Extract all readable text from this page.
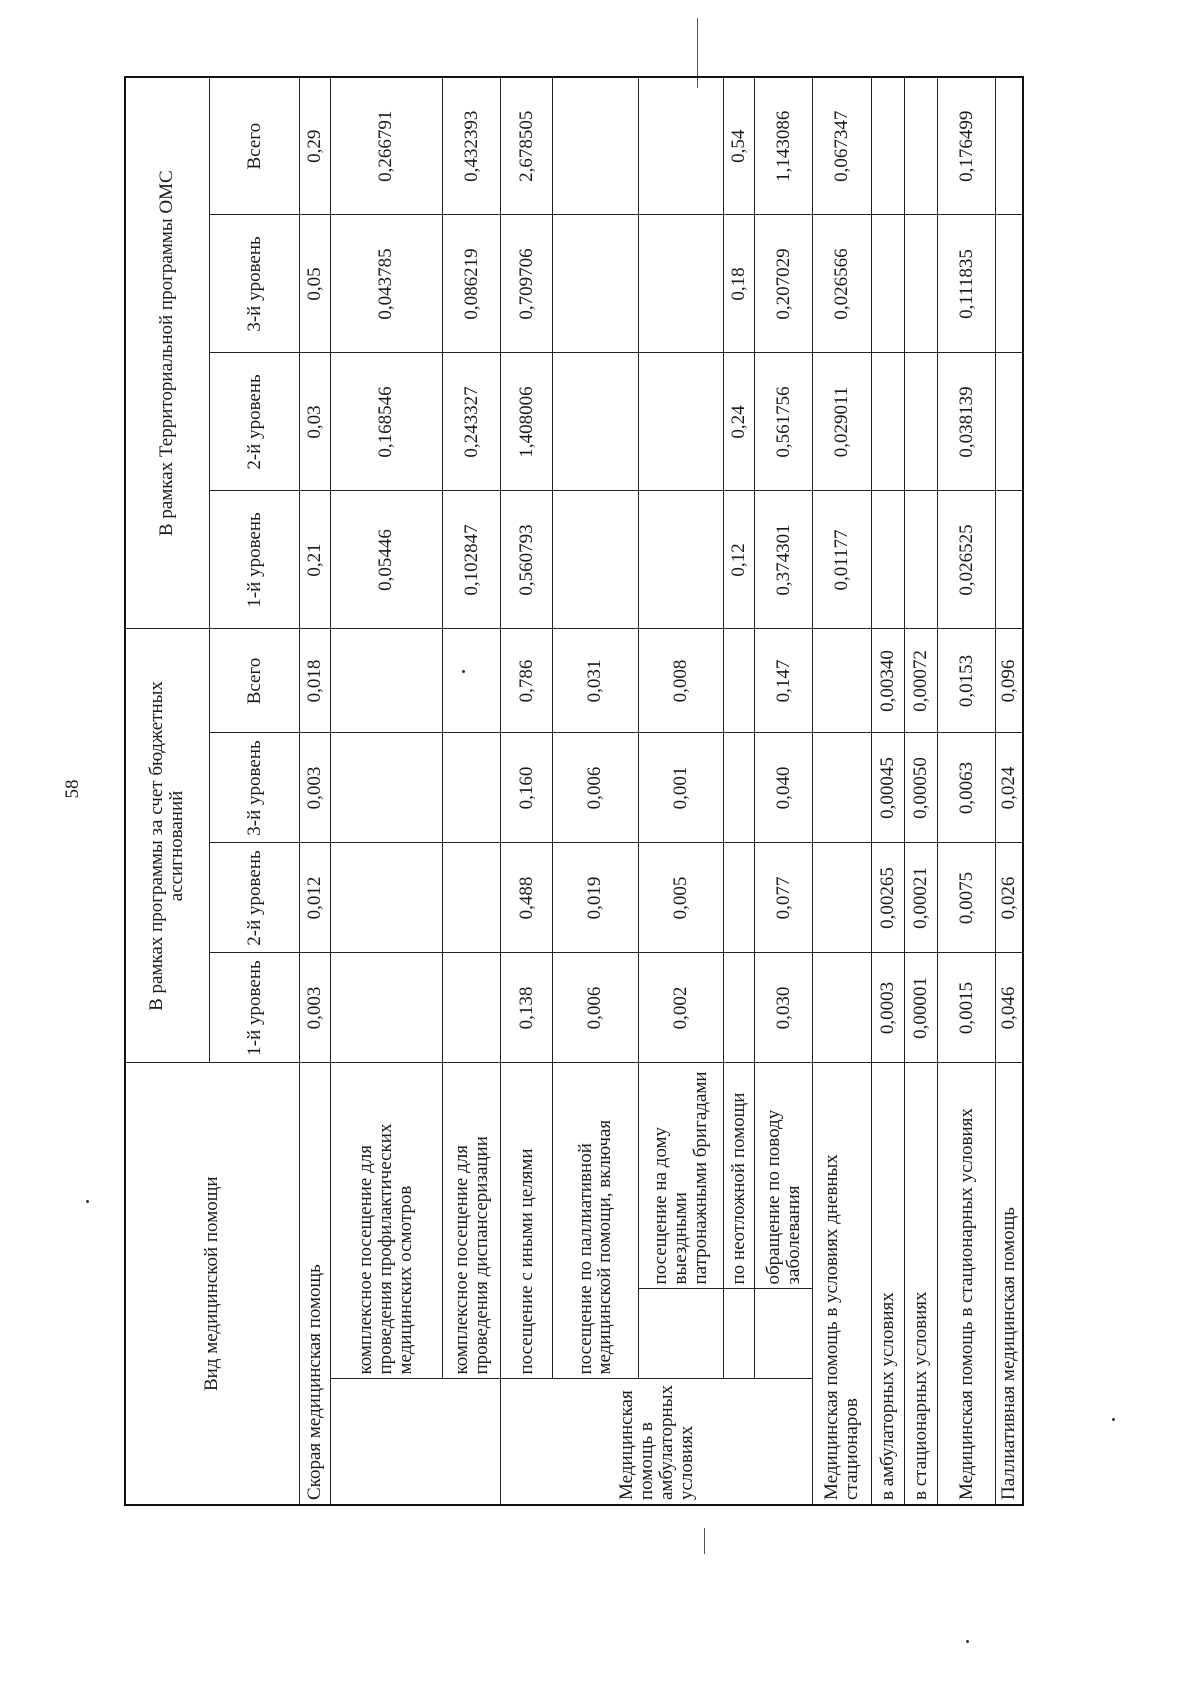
58
Вид медицинской помощи			В рамках программы за счет бюджетных ассигнований				В рамках Территориальной программы ОМС			
			1-й уровень	2-й уровень	3-й уровень	Всего	1-й уровень	2-й уровень	3-й уровень	Всего
Скорая медицинская помощь			0,003	0,012	0,003	0,018	0,21	0,03	0,05	0,29
	комплексное посещение для проведения профилактических медицинских осмотров						0,05446	0,168546	0,043785	0,266791
	комплексное посещение для проведения диспансеризации						0,102847	0,243327	0,086219	0,432393
Медицинская помощь в амбулаторных условиях	посещение с иными целями		0,138	0,488	0,160	0,786	0,560793	1,408006	0,709706	2,678505
	посещение по паллиативной медицинской помощи, включая		0,006	0,019	0,006	0,031				
		посещение на дому выездными патронажными бригадами	0,002	0,005	0,001	0,008				
		по неотложной помощи					0,12	0,24	0,18	0,54
		обращение по поводу заболевания	0,030	0,077	0,040	0,147	0,374301	0,561756	0,207029	1,143086
Медицинская помощь в условиях дневных стационаров							0,01177	0,029011	0,026566	0,067347
в амбулаторных условиях			0,0003	0,00265	0,00045	0,00340				
в стационарных условиях			0,00001	0,00021	0,00050	0,00072				
Медицинская помощь в стационарных условиях			0,0015	0,0075	0,0063	0,0153	0,026525	0,038139	0,111835	0,176499
Паллиативная медицинская помощь			0,046	0,026	0,024	0,096				
